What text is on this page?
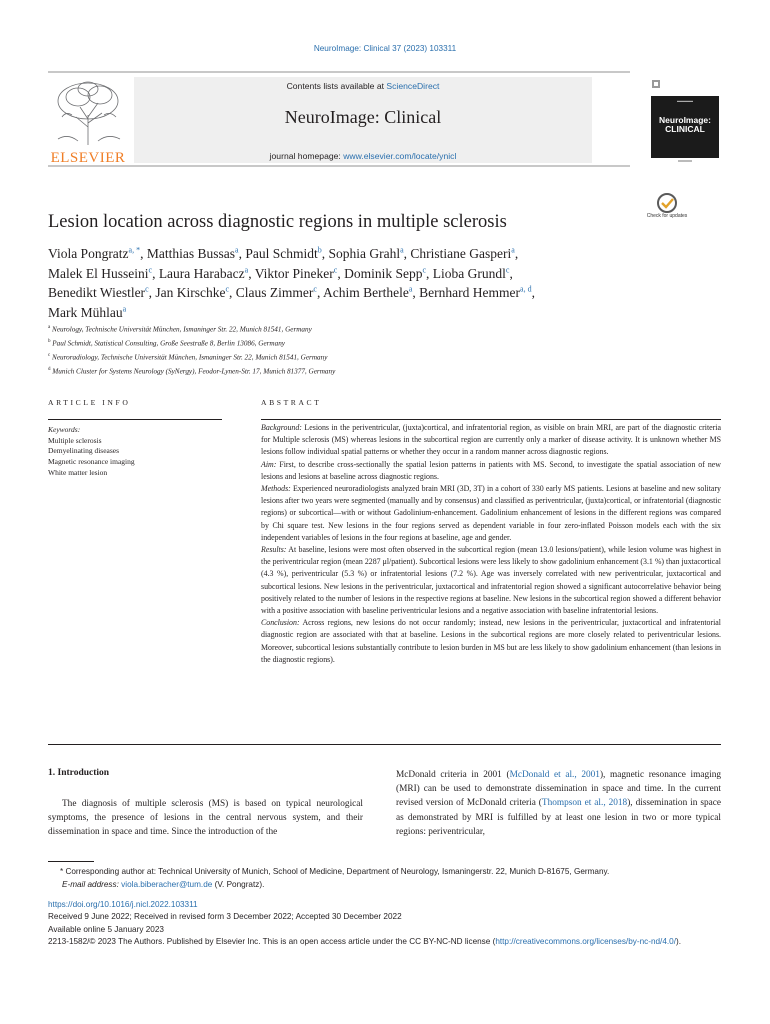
NeuroImage: Clinical 37 (2023) 103311
ELSEVIER
Contents lists available at ScienceDirect
NeuroImage: Clinical
journal homepage: www.elsevier.com/locate/ynicl
▬▬▬▬
NeuroImage: CLINICAL
Lesion location across diagnostic regions in multiple sclerosis	Check for updates
Viola Pongratz$^{a, *}$, Matthias Bussas$^a$, Paul Schmidt$^b$, Sophia Grahl$^a$, Christiane Gasperi$^a$,
Malek El Husseini$^c$, Laura Harabacz$^a$, Viktor Pineker$^c$, Dominik Sepp$^c$, Lioba Grundl$^c$,
Benedikt Wiestler$^c$, Jan Kirschke$^c$, Claus Zimmer$^c$, Achim Berthele$^a$, Bernhard Hemmer$^{a, d}$,
Mark Mühlau$^a$
$^a$ Neurology, Technische Universität München, Ismaninger Str. 22, Munich 81541, Germany
$^b$ Paul Schmidt, Statistical Consulting, Große Seestraße 8, Berlin 13086, Germany
$^c$ Neuroradiology, Technische Universität München, Ismaninger Str. 22, Munich 81541, Germany
$^d$ Munich Cluster for Systems Neurology (SyNergy), Feodor-Lynen-Str. 17, Munich 81377, Germany
ARTICLE INFO	ABSTRACT
Keywords:
Multiple sclerosis
Demyelinating diseases
Magnetic resonance imaging
White matter lesion

Background: Lesions in the periventricular, (juxta)cortical, and infratentorial region, as visible on brain MRI, are part of the diagnostic criteria for Multiple sclerosis (MS) whereas lesions in the subcortical region are currently only a marker of disease activity. It is unknown whether MS lesions follow individual spatial patterns or whether they occur in a random manner across diagnostic regions.

Aim: First, to describe cross-sectionally the spatial lesion patterns in patients with MS. Second, to investigate the spatial association of new lesions and lesions at baseline across diagnostic regions.

Methods: Experienced neuroradiologists analyzed brain MRI (3D, 3T) in a cohort of 330 early MS patients. Lesions at baseline and new solitary lesions after two years were segmented (manually and by consensus) and classified as periventricular, (juxta)cortical, or infratentorial (diagnostic regions) or subcortical—with or without Gadolinium-enhancement. Gadolinium enhancement of lesions in the different regions was compared by Chi square test. New lesions in the four regions served as dependent variable in four zero-inflated Poisson models each with the six independent variables of lesions in the four regions at baseline, age and gender.

Results: At baseline, lesions were most often observed in the subcortical region (mean 13.0 lesions/patient), while lesion volume was highest in the periventricular region (mean 2287 μl/patient). Subcortical lesions were less likely to show gadolinium enhancement (3.1 %) than juxtacortical (4.3 %), periventricular (5.3 %) or infratentorial lesions (7.2 %). Age was inversely correlated with new periventricular, juxtacortical and subcortical lesions. New lesions in the periventricular, juxtacortical and infratentorial region showed a significant autocorrelative behavior being positively related to the number of lesions in the respective regions at baseline. New lesions in the subcortical region showed a different behavior with a positive association with baseline periventricular lesions and a negative association with baseline infratentorial lesions.

Conclusion: Across regions, new lesions do not occur randomly; instead, new lesions in the periventricular, juxtacortical and infratentorial diagnostic region are associated with that at baseline. Lesions in the subcortical regions are more closely related to periventricular lesions. Moreover, subcortical lesions substantially contribute to lesion burden in MS but are less likely to show gadolinium enhancement (than lesions in the diagnostic regions).

1. Introduction
The diagnosis of multiple sclerosis (MS) is based on typical neurological symptoms, the presence of lesions in the central nervous system, and their dissemination in space and time. Since the introduction of the
McDonald criteria in 2001 (McDonald et al., 2001), magnetic resonance imaging (MRI) can be used to demonstrate dissemination in space and time. In the current revised version of McDonald criteria (Thompson et al., 2018), dissemination in space as demonstrated by MRI is fulfilled by at least one lesion in two or more typical regions: periventricular,
* Corresponding author at: Technical University of Munich, School of Medicine, Department of Neurology, Ismaningerstr. 22, Munich D-81675, Germany.
E-mail address: viola.biberacher@tum.de (V. Pongratz).
https://doi.org/10.1016/j.nicl.2022.103311
Received 9 June 2022; Received in revised form 3 December 2022; Accepted 30 December 2022
Available online 5 January 2023
2213-1582/© 2023 The Authors. Published by Elsevier Inc. This is an open access article under the CC BY-NC-ND license (http://creativecommons.org/licenses/by-nc-nd/4.0/).
